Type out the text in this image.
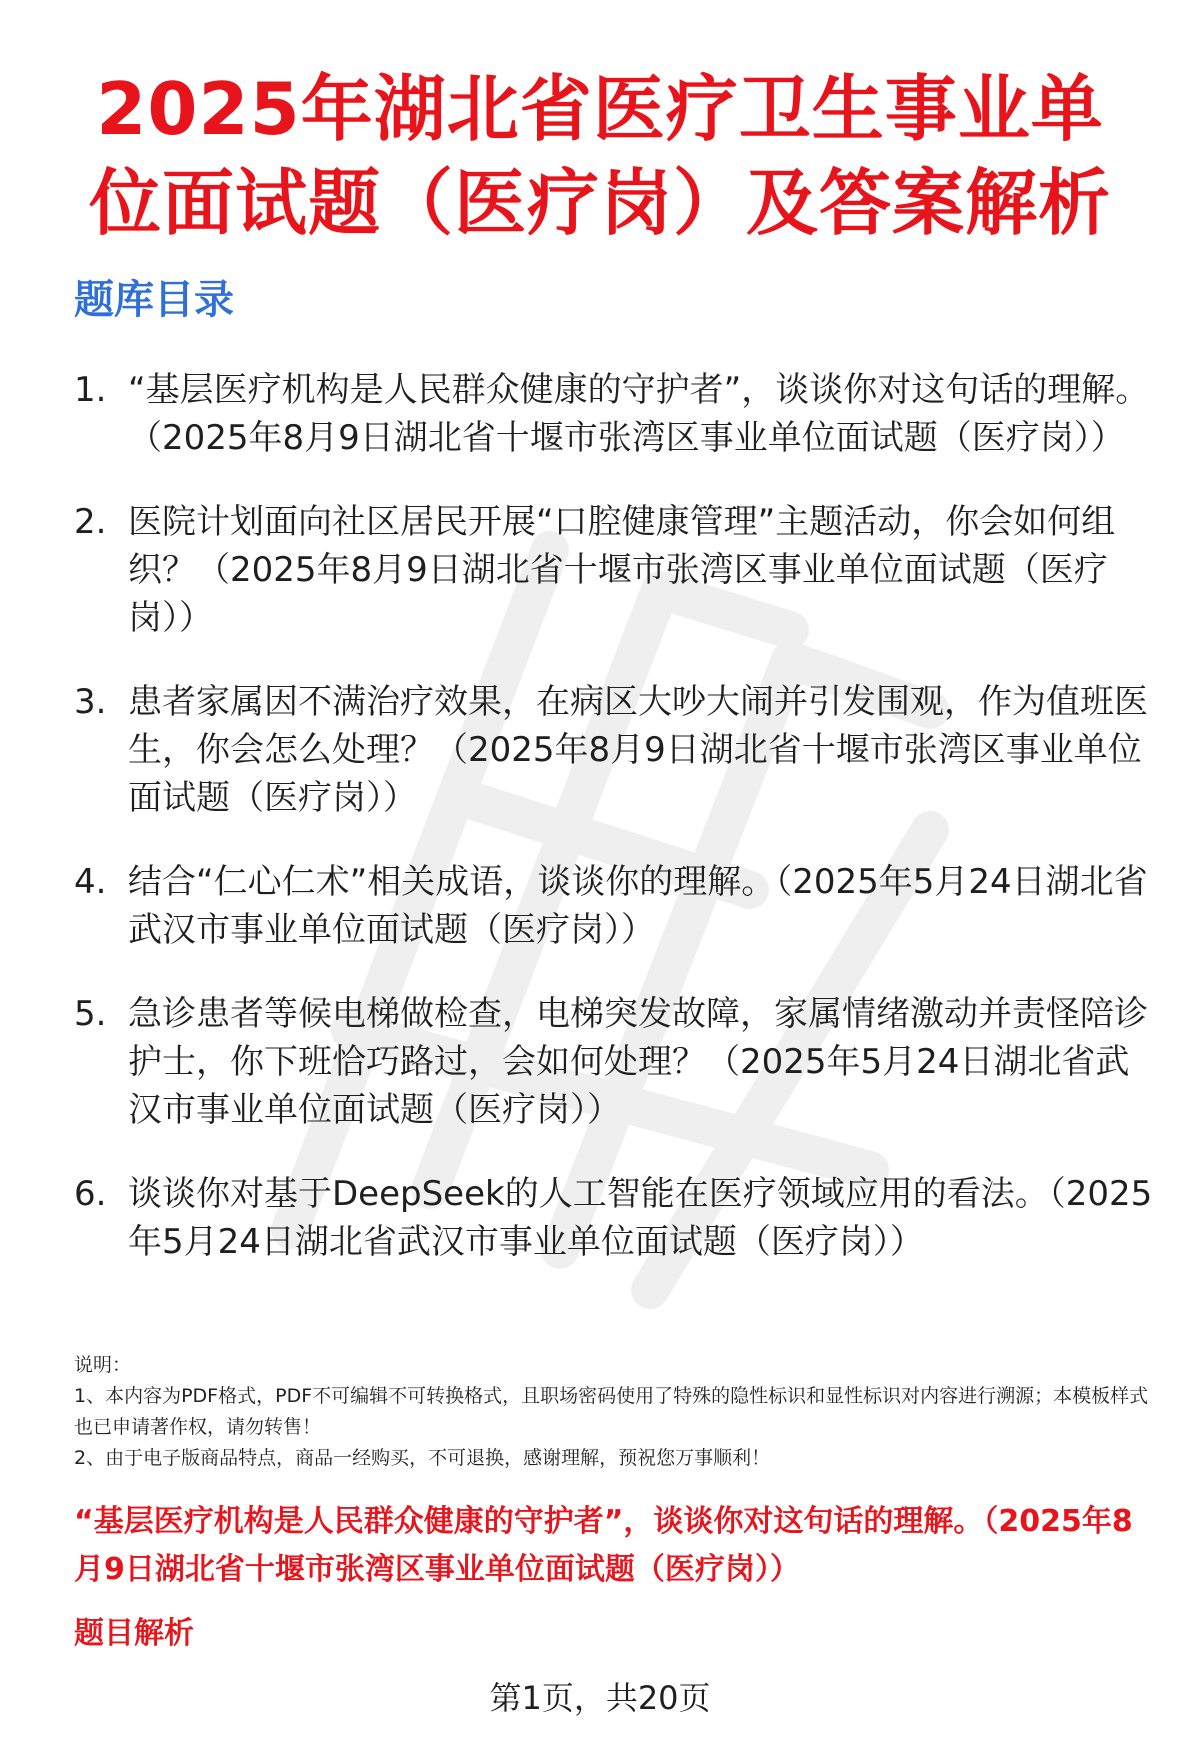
2025年湖北省医疗卫生事业单位面试题（医疗岗）及答案解析
题库目录
1. “基层医疗机构是人民群众健康的守护者”，谈谈你对这句话的理解。（2025年8月9日湖北省十堰市张湾区事业单位面试题（医疗岗））
2. 医院计划面向社区居民开展“口腔健康管理”主题活动，你会如何组织？（2025年8月9日湖北省十堰市张湾区事业单位面试题（医疗岗））
3. 患者家属因不满治疗效果，在病区大吵大闹并引发围观，作为值班医生，你会怎么处理？（2025年8月9日湖北省十堰市张湾区事业单位面试题（医疗岗））
4. 结合“仁心仁术”相关成语，谈谈你的理解。（2025年5月24日湖北省武汉市事业单位面试题（医疗岗））
5. 急诊患者等候电梯做检查，电梯突发故障，家属情绪激动并责怪陪诊护士，你下班恰巧路过，会如何处理？（2025年5月24日湖北省武汉市事业单位面试题（医疗岗））
6. 谈谈你对基于DeepSeek的人工智能在医疗领域应用的看法。（2025年5月24日湖北省武汉市事业单位面试题（医疗岗））

说明：

1、本内容为PDF格式，PDF不可编辑不可转换格式，且职场密码使用了特殊的隐性标识和显性标识对内容进行溯源；本模板样式也已申请著作权，请勿转售！

2、由于电子版商品特点，商品一经购买，不可退换，感谢理解，预祝您万事顺利！

“基层医疗机构是人民群众健康的守护者”，谈谈你对这句话的理解。（2025年8月9日湖北省十堰市张湾区事业单位面试题（医疗岗））
题目解析
第1页，共20页
